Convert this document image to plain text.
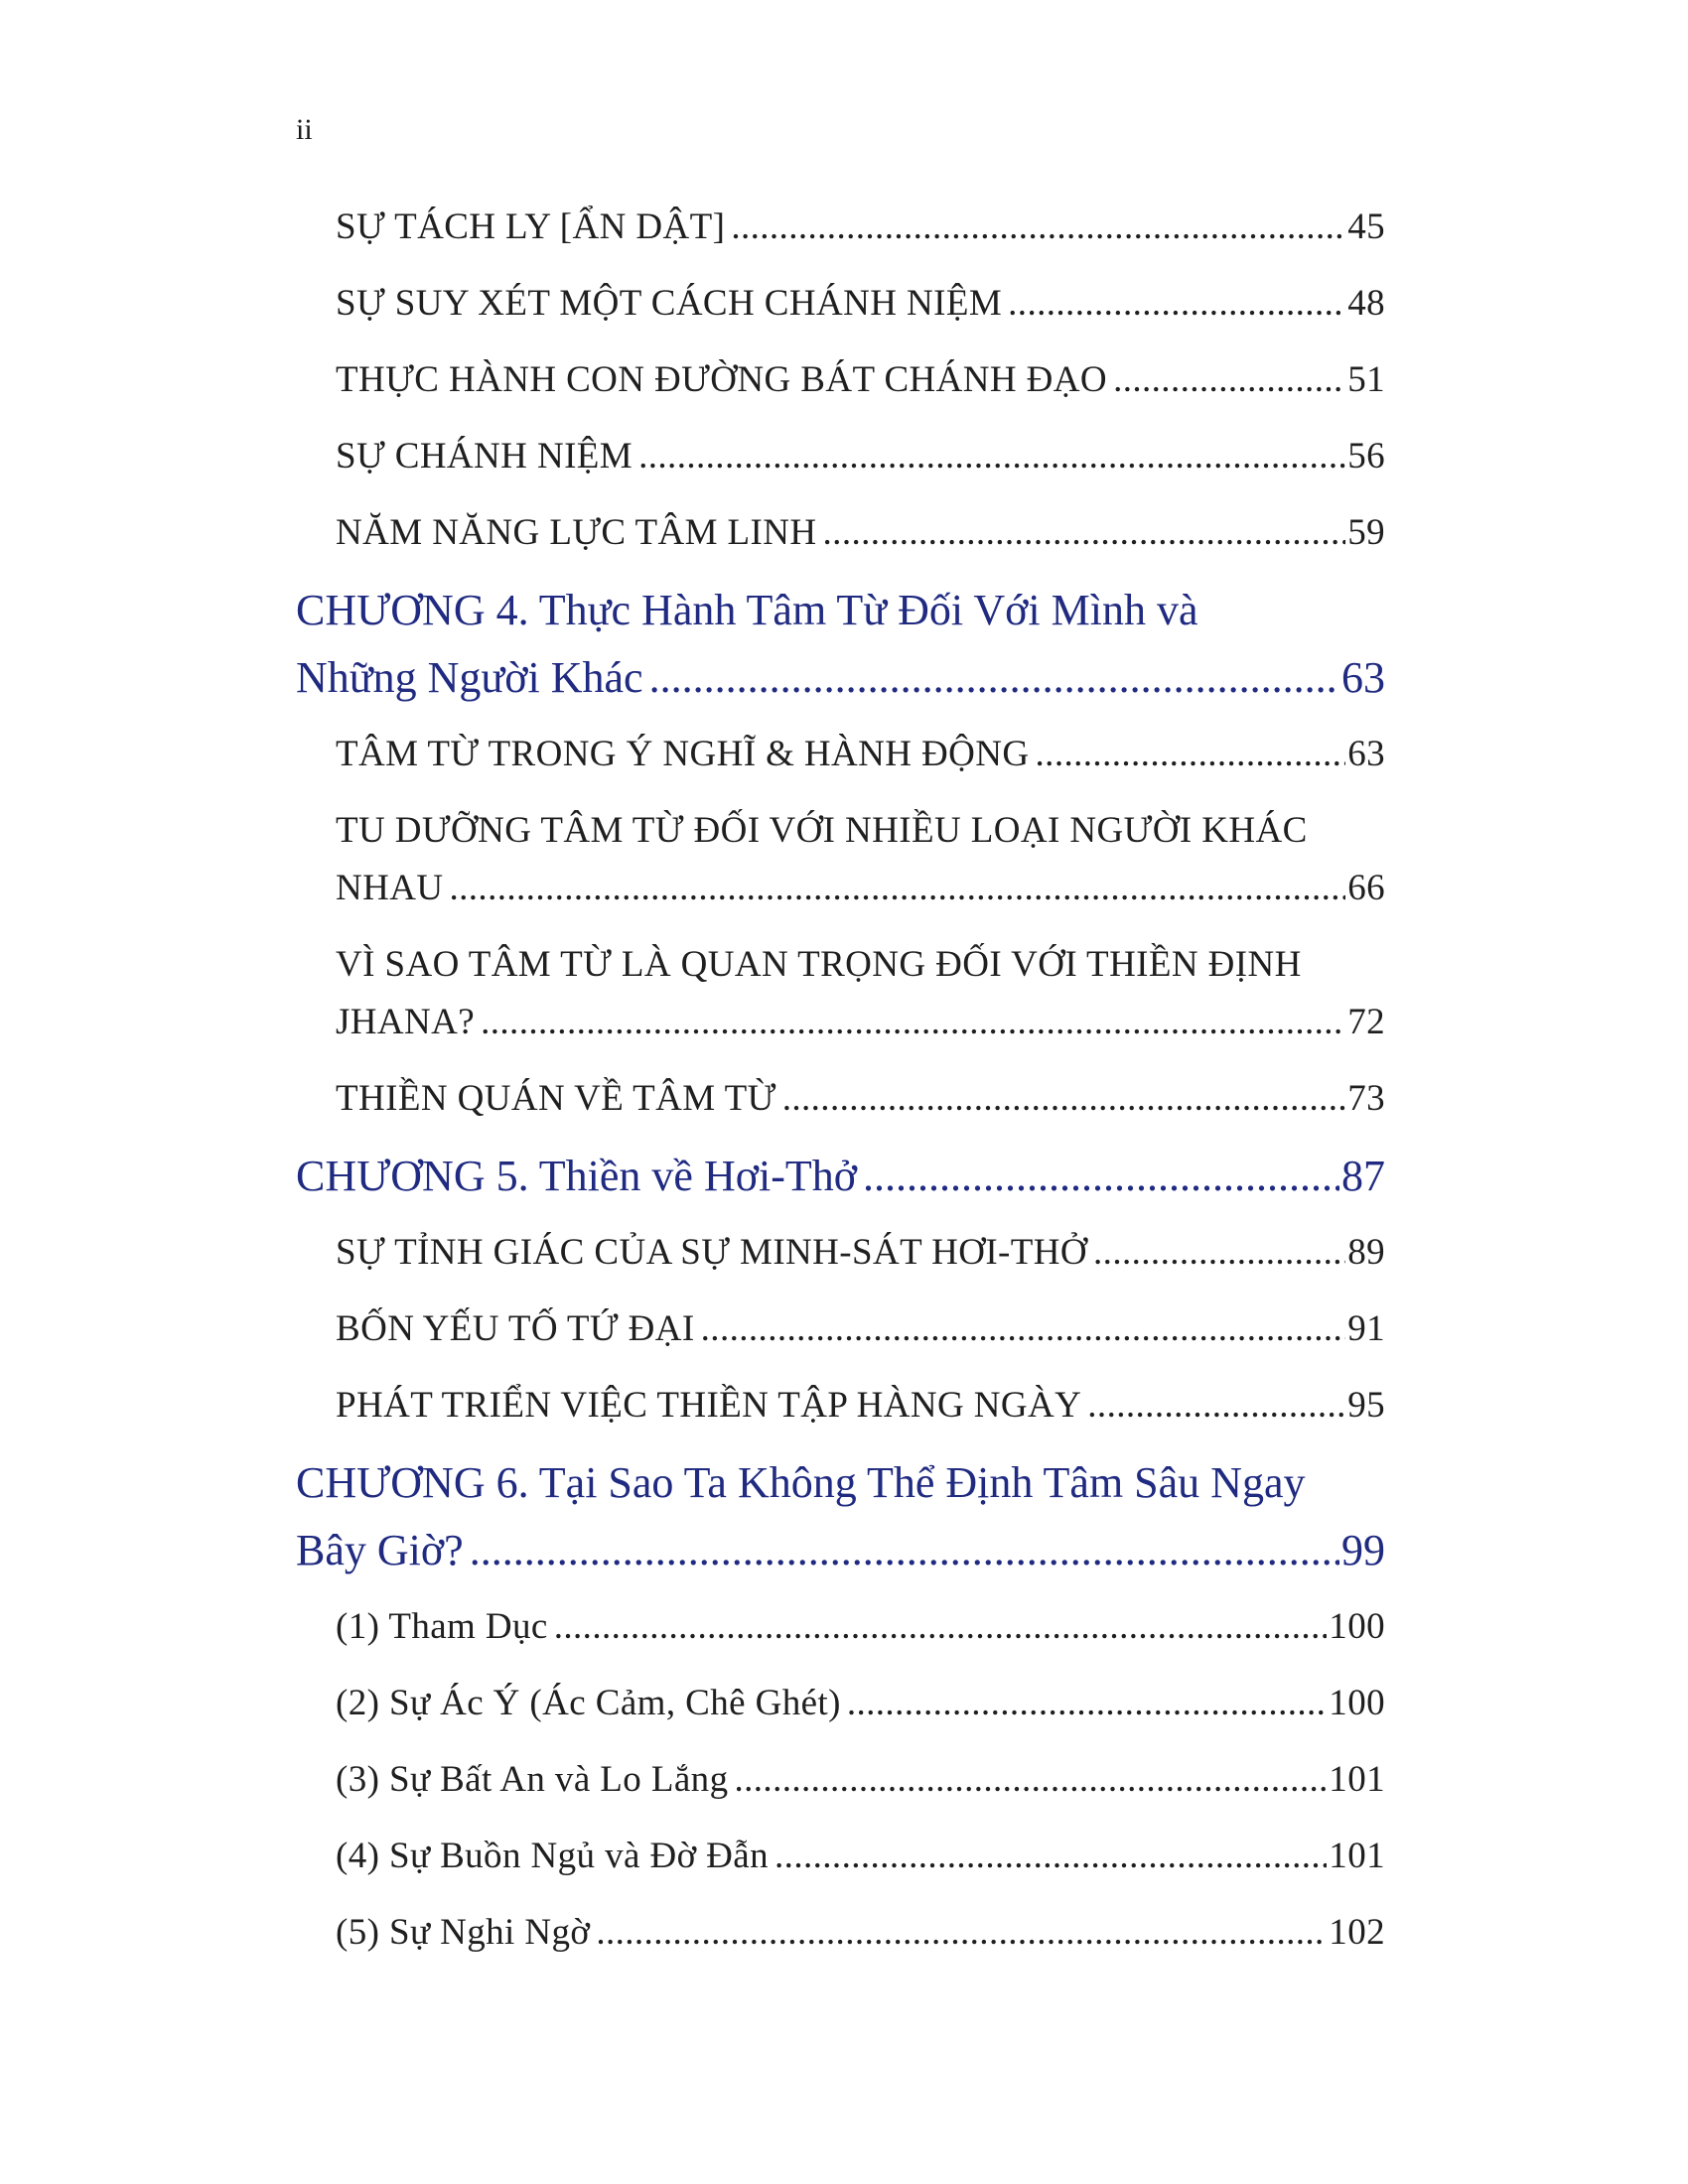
ii
SỰ TÁCH LY [ẨN DẬT] .....	45
SỰ SUY XÉT MỘT CÁCH CHÁNH NIỆM .....	48
THỰC HÀNH CON ĐƯỜNG BÁT CHÁNH ĐẠO .....	51
SỰ CHÁNH NIỆM .....	56
NĂM NĂNG LỰC TÂM LINH .....	59
CHƯƠNG 4. Thực Hành Tâm Từ Đối Với Mình và
Những Người Khác .....	63
TÂM TỪ TRONG Ý NGHĨ & HÀNH ĐỘNG .....	63
TU DƯỠNG TÂM TỪ ĐỐI VỚI NHIỀU LOẠI NGƯỜI KHÁC
NHAU .....	66
VÌ SAO TÂM TỪ LÀ QUAN TRỌNG ĐỐI VỚI THIỀN ĐỊNH
JHANA? .....	72
THIỀN QUÁN VỀ TÂM TỪ .....	73
CHƯƠNG 5. Thiền về Hơi-Thở .....	87
SỰ TỈNH GIÁC CỦA SỰ MINH-SÁT HƠI-THỞ .....	89
BỐN YẾU TỐ TỨ ĐẠI .....	91
PHÁT TRIỂN VIỆC THIỀN TẬP HÀNG NGÀY .....	95
CHƯƠNG 6. Tại Sao Ta Không Thể Định Tâm Sâu Ngay
Bây Giờ? .....	99
(1) Tham Dục .....	100
(2) Sự Ác Ý (Ác Cảm, Chê Ghét) .....	100
(3) Sự Bất An và Lo Lắng .....	101
(4) Sự Buồn Ngủ và Đờ Đẫn .....	101
(5) Sự Nghi Ngờ .....	102
